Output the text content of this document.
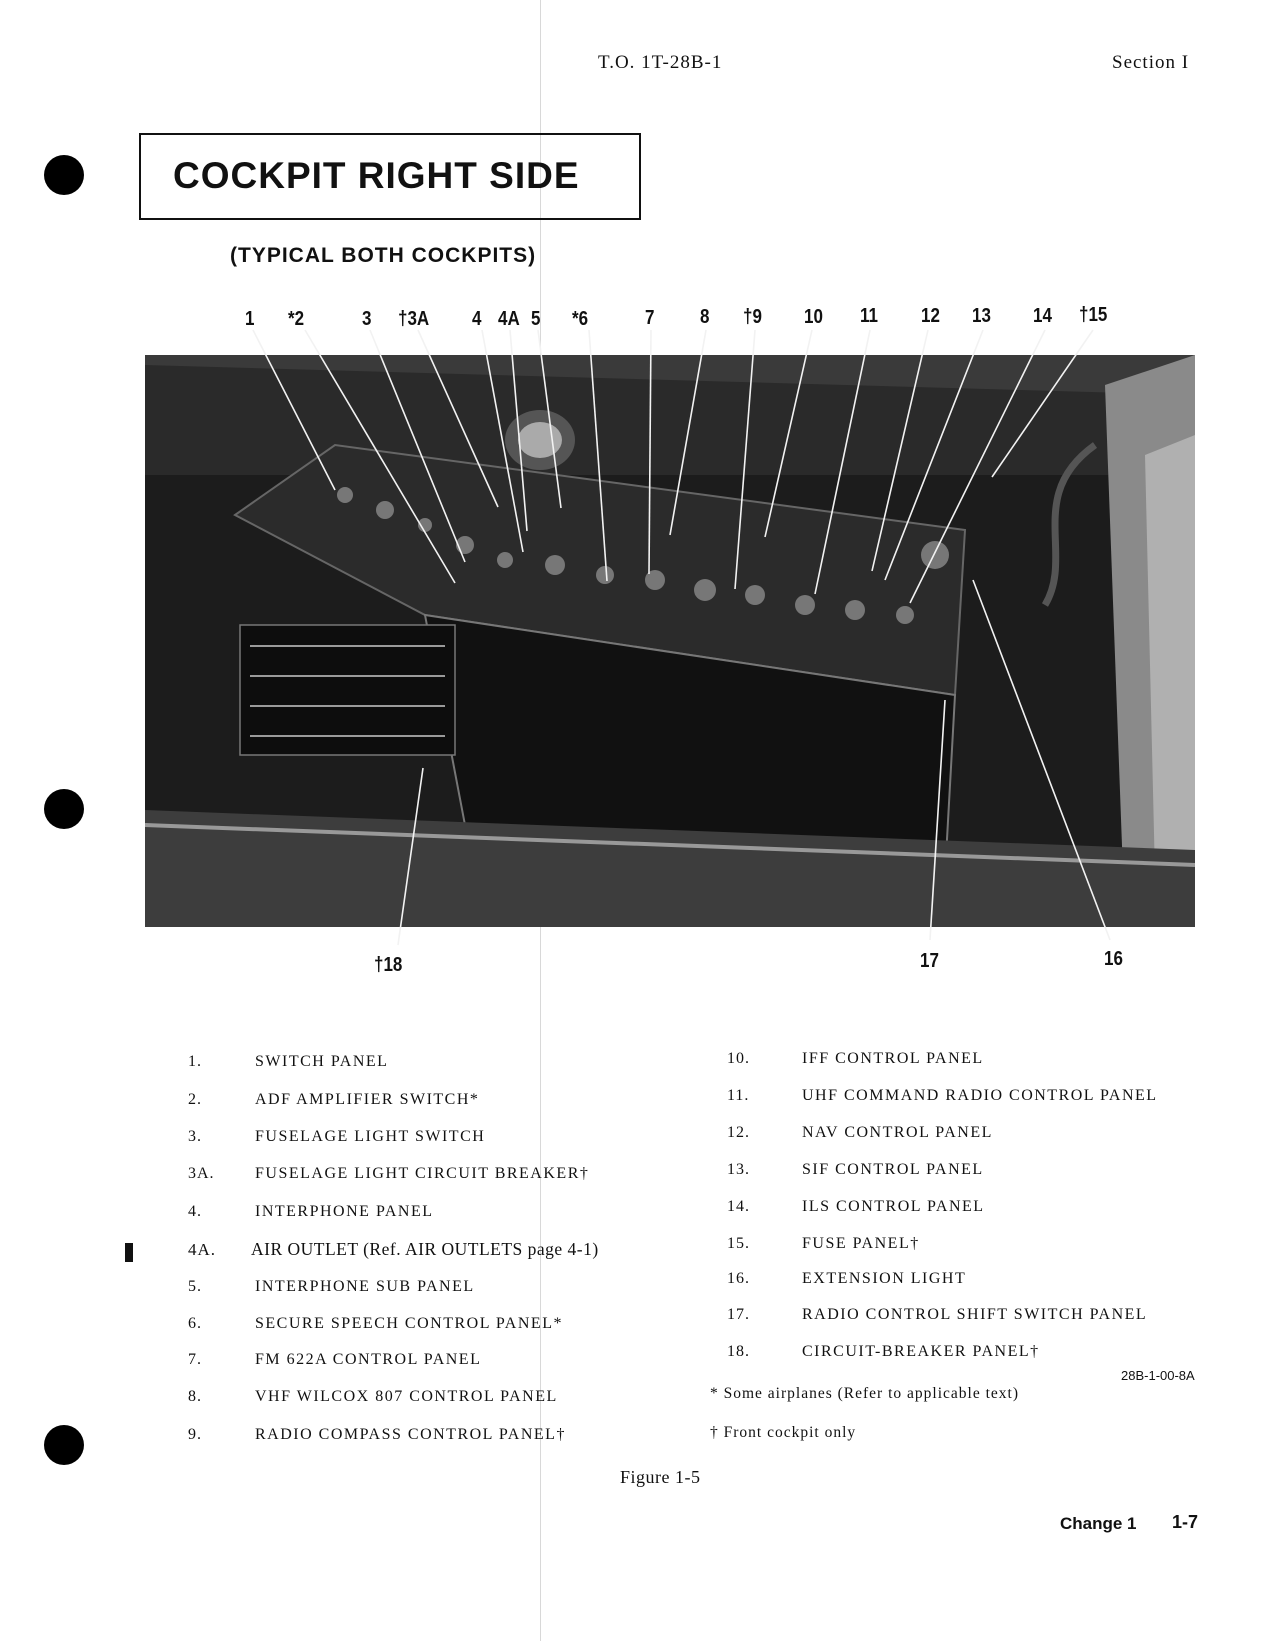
T.O. 1T-28B-1	Section I
COCKPIT RIGHT SIDE
(TYPICAL BOTH COCKPITS)
1 *2	3 †3A 4 4A 5 *6	7 8 †9 10 11 12 13 14 †15
†18	17	16
1.	SWITCH PANEL
2.	ADF AMPLIFIER SWITCH*
3.	FUSELAGE LIGHT SWITCH
3A.	FUSELAGE LIGHT CIRCUIT BREAKER†
4.	INTERPHONE PANEL
4A. AIR OUTLET (Ref. AIR OUTLETS page 4-1)
5.	INTERPHONE SUB PANEL
6.	SECURE SPEECH CONTROL PANEL*
7.	FM 622A CONTROL PANEL
8.	VHF WILCOX 807 CONTROL PANEL
9.	RADIO COMPASS CONTROL PANEL†
10.	IFF CONTROL PANEL
11.	UHF COMMAND RADIO CONTROL PANEL
12.	NAV CONTROL PANEL
13.	SIF CONTROL PANEL
14.	ILS CONTROL PANEL
15.	FUSE PANEL†
16.	EXTENSION LIGHT
17.	RADIO CONTROL SHIFT SWITCH PANEL
18.	CIRCUIT-BREAKER PANEL†
* Some airplanes (Refer to applicable text)
† Front cockpit only
28B-1-00-8A
Figure 1-5
Change 1 1-7
